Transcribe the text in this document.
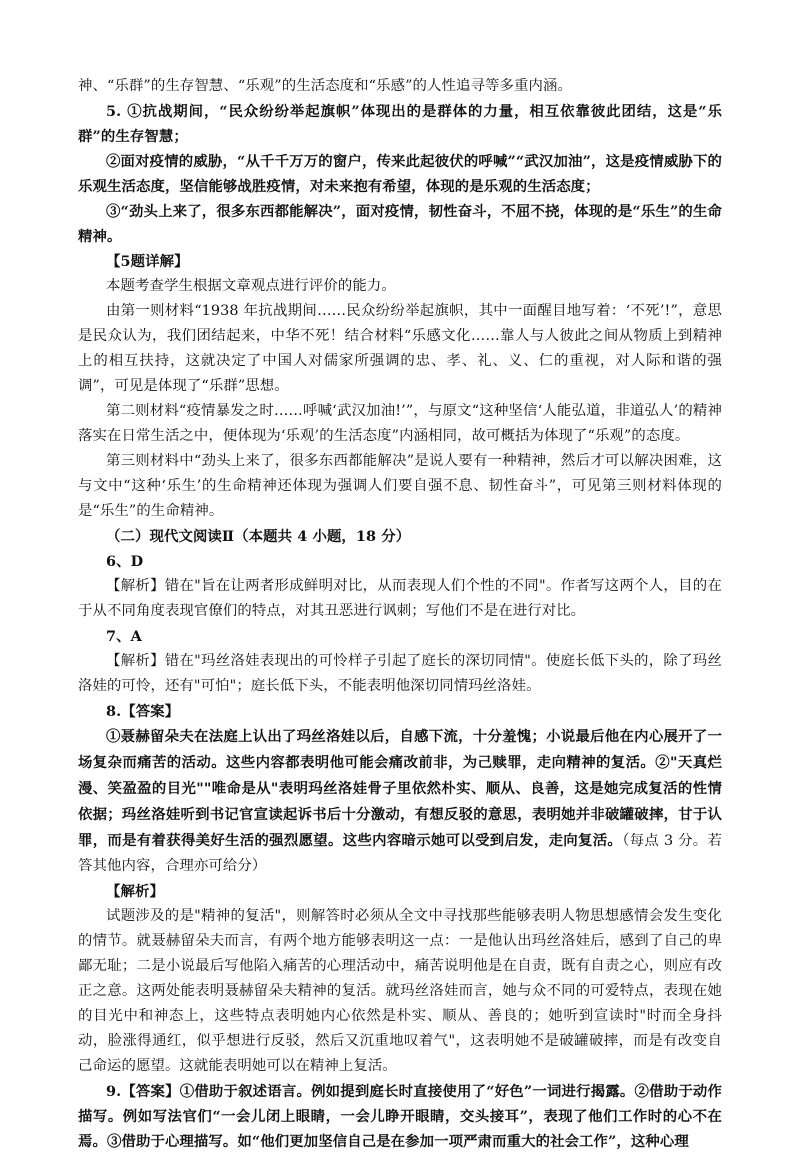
神、“乐群”的生存智慧、“乐观”的生活态度和“乐感”的人性追寻等多重内涵。

5. ①抗战期间，“民众纷纷举起旗帜”体现出的是群体的力量，相互依靠彼此团结，这是“乐群”的生存智慧；

②面对疫情的威胁，“从千千万万的窗户，传来此起彼伏的呼喊”“武汉加油”，这是疫情威胁下的乐观生活态度，坚信能够战胜疫情，对未来抱有希望，体现的是乐观的生活态度；

③“劲头上来了，很多东西都能解决”，面对疫情，韧性奋斗，不屈不挠，体现的是“乐生”的生命精神。

【5题详解】

本题考查学生根据文章观点进行评价的能力。

由第一则材料“1938 年抗战期间……民众纷纷举起旗帜，其中一面醒目地写着：‘不死’!”，意思是民众认为，我们团结起来，中华不死！结合材料“乐感文化……靠人与人彼此之间从物质上到精神上的相互扶持，这就决定了中国人对儒家所强调的忠、孝、礼、义、仁的重视，对人际和谐的强调”，可见是体现了“乐群”思想。

第二则材料“疫情暴发之时……呼喊‘武汉加油!’”，与原文“这种坚信‘人能弘道，非道弘人’的精神落实在日常生活之中，便体现为‘乐观’的生活态度”内涵相同，故可概括为体现了“乐观”的态度。

第三则材料中“劲头上来了，很多东西都能解决”是说人要有一种精神，然后才可以解决困难，这与文中“这种‘乐生’的生命精神还体现为强调人们要自强不息、韧性奋斗”，可见第三则材料体现的是“乐生”的生命精神。

（二）现代文阅读Ⅱ（本题共 4 小题，18 分）

6、D

【解析】错在"旨在让两者形成鲜明对比，从而表现人们个性的不同"。作者写这两个人，目的在于从不同角度表现官僚们的特点，对其丑恶进行讽刺；写他们不是在进行对比。

7、A

【解析】错在"玛丝洛娃表现出的可怜样子引起了庭长的深切同情"。使庭长低下头的，除了玛丝洛娃的可怜，还有"可怕"；庭长低下头，不能表明他深切同情玛丝洛娃。

8.【答案】

①聂赫留朵夫在法庭上认出了玛丝洛娃以后，自感下流，十分羞愧；小说最后他在内心展开了一场复杂而痛苦的活动。这些内容都表明他可能会痛改前非，为己赎罪，走向精神的复活。②"天真烂漫、笑盈盈的目光""唯命是从"表明玛丝洛娃骨子里依然朴实、顺从、良善，这是她完成复活的性情依据；玛丝洛娃听到书记官宣读起诉书后十分激动，有想反驳的意思，表明她并非破罐破摔，甘于认罪，而是有着获得美好生活的强烈愿望。这些内容暗示她可以受到启发，走向复活。（每点 3 分。若答其他内容，合理亦可给分）

【解析】

试题涉及的是"精神的复活"，则解答时必须从全文中寻找那些能够表明人物思想感情会发生变化的情节。就聂赫留朵夫而言，有两个地方能够表明这一点：一是他认出玛丝洛娃后，感到了自己的卑鄙无耻；二是小说最后写他陷入痛苦的心理活动中，痛苦说明他是在自责，既有自责之心，则应有改正之意。这两处能表明聂赫留朵夫精神的复活。就玛丝洛娃而言，她与众不同的可爱特点，表现在她的目光中和神态上，这些特点表明她内心依然是朴实、顺从、善良的；她听到宣读时"时而全身抖动，脸涨得通红，似乎想进行反驳，然后又沉重地叹着气"，这表明她不是破罐破摔，而是有改变自己命运的愿望。这就能表明她可以在精神上复活。

9.【答案】①借助于叙述语言。例如提到庭长时直接使用了“好色”一词进行揭露。②借助于动作描写。例如写法官们“一会儿闭上眼睛，一会儿睁开眼睛，交头接耳”，表现了他们工作时的心不在焉。③借助于心理描写。如“他们更加坚信自己是在参加一项严肃而重大的社会工作”，这种心理
